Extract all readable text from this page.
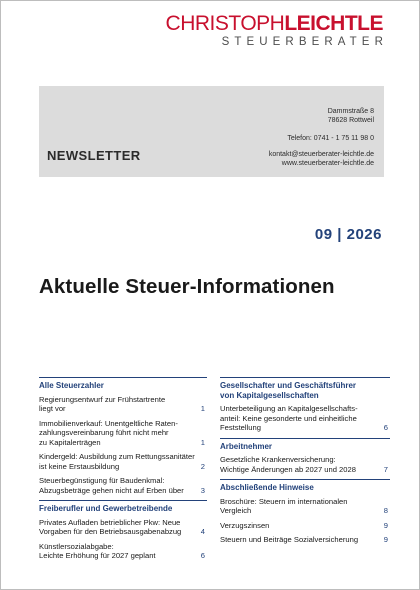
CHRISTOPHLEICHTLE
STEUERBERATER
NEWSLETTER
Dammstraße 8
78628 Rottweil
Telefon: 0741 - 1 75 11 98 0
kontakt@steuerberater-leichtle.de
www.steuerberater-leichtle.de
09 | 2026
Aktuelle Steuer-Informationen
Alle Steuerzahler
Regierungsentwurf zur Frühstartrente
liegt vor	1
Immobilienverkauf: Unentgeltliche Raten-
zahlungsvereinbarung führt nicht mehr
zu Kapitalerträgen	1
Kindergeld: Ausbildung zum Rettungssanitäter
ist keine Erstausbildung	2
Steuerbegünstigung für Baudenkmal:
Abzugsbeträge gehen nicht auf Erben über	3
Freiberufler und Gewerbetreibende
Privates Aufladen betrieblicher Pkw: Neue
Vorgaben für den Betriebsausgabenabzug	4
Künstlersozialabgabe:
Leichte Erhöhung für 2027 geplant	6
Gesellschafter und Geschäftsführer
von Kapitalgesellschaften
Unterbeteiligung an Kapitalgesellschafts-
anteil: Keine gesonderte und einheitliche
Feststellung	6
Arbeitnehmer
Gesetzliche Krankenversicherung:
Wichtige Änderungen ab 2027 und 2028	7
Abschließende Hinweise
Broschüre: Steuern im internationalen
Vergleich	8
Verzugszinsen	9
Steuern und Beiträge Sozialversicherung	9
